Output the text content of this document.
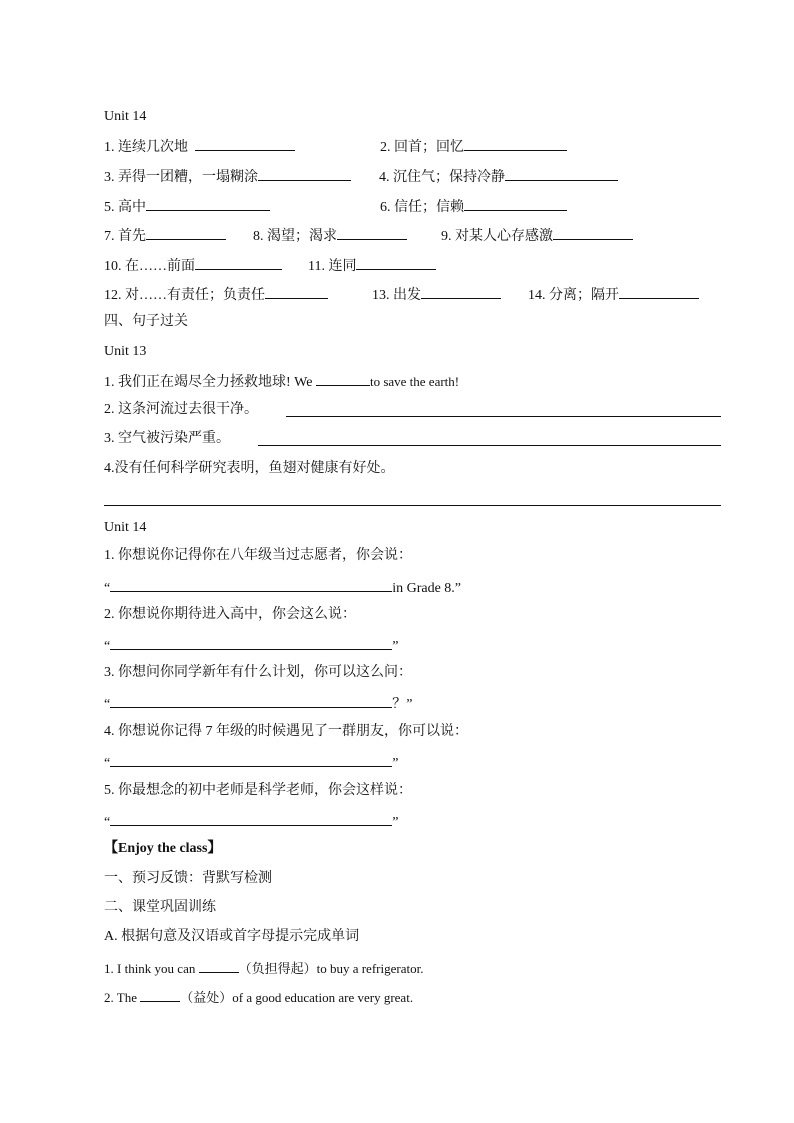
Unit 14
1. 连续几次地	2. 回首；回忆
3. 弄得一团糟，一塌糊涂	4. 沉住气；保持冷静
5. 高中	6. 信任；信赖
7. 首先	8. 渴望；渴求	9. 对某人心存感激
10. 在……前面	11. 连同
12. 对……有责任；负责任	13. 出发	14. 分离；隔开
四、句子过关
Unit 13
1. 我们正在竭尽全力拯救地球! We	to save the earth!
2. 这条河流过去很干净。
3. 空气被污染严重。
4.没有任何科学研究表明，鱼翅对健康有好处。
Unit 14
1. 你想说你记得你在八年级当过志愿者，你会说：
“	in Grade 8.”
2. 你想说你期待进入高中，你会这么说：
“	”
3. 你想问你同学新年有什么计划，你可以这么问：
“	？”
4. 你想说你记得 7 年级的时候遇见了一群朋友，你可以说：
“	”
5. 你最想念的初中老师是科学老师，你会这样说：
“	”
【Enjoy the class】
一、预习反馈：背默写检测
二、课堂巩固训练
A. 根据句意及汉语或首字母提示完成单词
1. I think you can	（负担得起）to buy a refrigerator.
2. The	（益处）of a good education are very great.
